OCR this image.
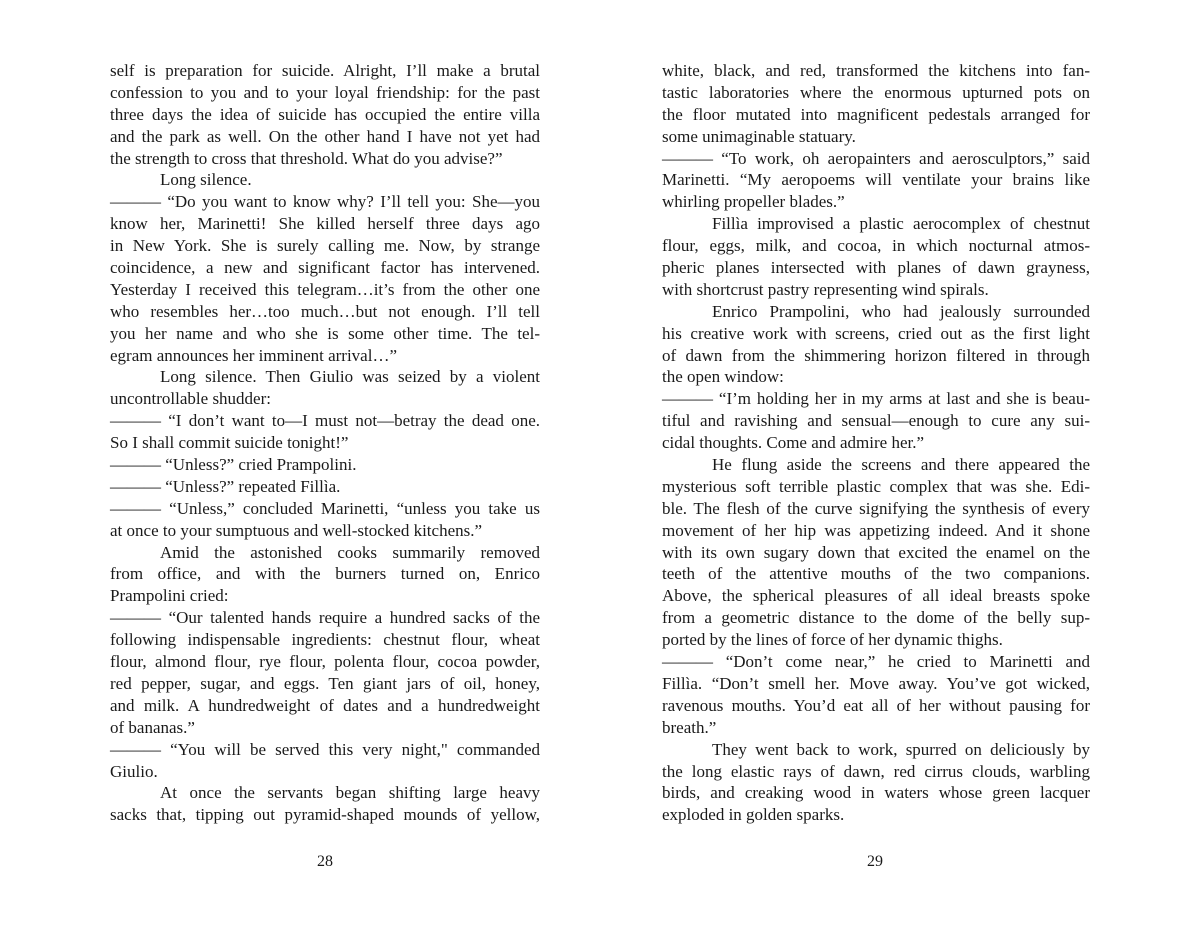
self is preparation for suicide. Alright, I’ll make a brutal
confession to you and to your loyal friendship: for the past
three days the idea of suicide has occupied the entire villa
and the park as well. On the other hand I have not yet had
the strength to cross that threshold. What do you advise?”
Long silence.
——— “Do you want to know why? I’ll tell you: She—you
know her, Marinetti! She killed herself three days ago
in New York. She is surely calling me. Now, by strange
coincidence, a new and significant factor has intervened.
Yesterday I received this telegram…it’s from the other one
who resembles her…too much…but not enough. I’ll tell
you her name and who she is some other time. The tel-
egram announces her imminent arrival…”
Long silence. Then Giulio was seized by a violent
uncontrollable shudder:
——— “I don’t want to—I must not—betray the dead one.
So I shall commit suicide tonight!”
——— “Unless?” cried Prampolini.
——— “Unless?” repeated Fillìa.
——— “Unless,” concluded Marinetti, “unless you take us
at once to your sumptuous and well-stocked kitchens.”
Amid the astonished cooks summarily removed
from office, and with the burners turned on, Enrico
Prampolini cried:
——— “Our talented hands require a hundred sacks of the
following indispensable ingredients: chestnut flour, wheat
flour, almond flour, rye flour, polenta flour, cocoa powder,
red pepper, sugar, and eggs. Ten giant jars of oil, honey,
and milk. A hundredweight of dates and a hundredweight
of bananas.”
——— “You will be served this very night," commanded
Giulio.
At once the servants began shifting large heavy
sacks that, tipping out pyramid-shaped mounds of yellow,
28
white, black, and red, transformed the kitchens into fan-
tastic laboratories where the enormous upturned pots on
the floor mutated into magnificent pedestals arranged for
some unimaginable statuary.
——— “To work, oh aeropainters and aerosculptors,” said
Marinetti. “My aeropoems will ventilate your brains like
whirling propeller blades.”
Fillìa improvised a plastic aerocomplex of chestnut
flour, eggs, milk, and cocoa, in which nocturnal atmos-
pheric planes intersected with planes of dawn grayness,
with shortcrust pastry representing wind spirals.
Enrico Prampolini, who had jealously surrounded
his creative work with screens, cried out as the first light
of dawn from the shimmering horizon filtered in through
the open window:
——— “I’m holding her in my arms at last and she is beau-
tiful and ravishing and sensual—enough to cure any sui-
cidal thoughts. Come and admire her.”
He flung aside the screens and there appeared the
mysterious soft terrible plastic complex that was she. Edi-
ble. The flesh of the curve signifying the synthesis of every
movement of her hip was appetizing indeed. And it shone
with its own sugary down that excited the enamel on the
teeth of the attentive mouths of the two companions.
Above, the spherical pleasures of all ideal breasts spoke
from a geometric distance to the dome of the belly sup-
ported by the lines of force of her dynamic thighs.
——— “Don’t come near,” he cried to Marinetti and
Fillìa. “Don’t smell her. Move away. You’ve got wicked,
ravenous mouths. You’d eat all of her without pausing for
breath.”
They went back to work, spurred on deliciously by
the long elastic rays of dawn, red cirrus clouds, warbling
birds, and creaking wood in waters whose green lacquer
exploded in golden sparks.
29
